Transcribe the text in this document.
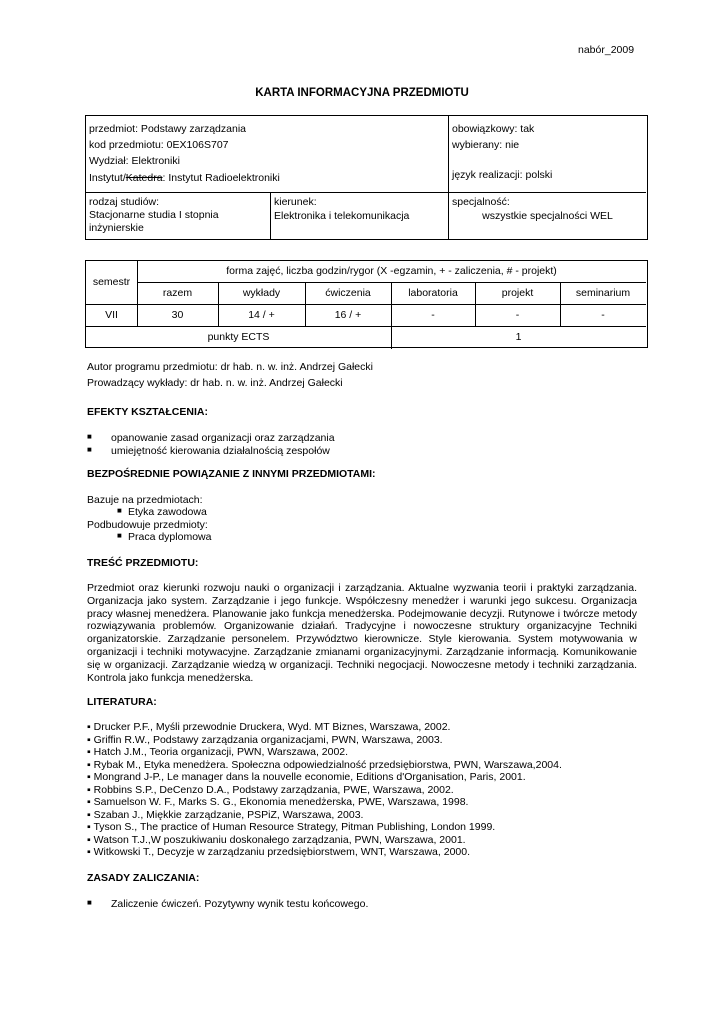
nabór_2009
KARTA INFORMACYJNA PRZEDMIOTU
przedmiot: Podstawy zarządzania
kod przedmiotu: 0EX106S707
Wydział: Elektroniki
Instytut/Katedra: Instytut Radioelektroniki
obowiązkowy: tak
wybierany: nie
język realizacji: polski
rodzaj studiów:
Stacjonarne studia I stopnia inżynierskie
kierunek:
Elektronika i telekomunikacja
specjalność:
wszystkie specjalności WEL
semestr
forma zajęć, liczba godzin/rygor (X -egzamin, + - zaliczenia, # - projekt)
razem	wykłady	ćwiczenia	laboratoria	projekt	seminarium
VII	30	14 / +	16 / +	-	-	-
punkty ECTS	1
Autor programu przedmiotu: dr hab. n. w. inż. Andrzej Gałecki
Prowadzący wykłady: dr hab. n. w. inż. Andrzej Gałecki
EFEKTY KSZTAŁCENIA:
■ opanowanie zasad organizacji oraz zarządzania
■ umiejętność kierowania działalnością zespołów
BEZPOŚREDNIE POWIĄZANIE Z INNYMI PRZEDMIOTAMI:
Bazuje na przedmiotach:
■ Etyka zawodowa
Podbudowuje przedmioty:
■ Praca dyplomowa
TREŚĆ PRZEDMIOTU:
Przedmiot oraz kierunki rozwoju nauki o organizacji i zarządzania. Aktualne wyzwania teorii i praktyki zarządzania. Organizacja jako system. Zarządzanie i jego funkcje. Współczesny menedżer i warunki jego sukcesu. Organizacja pracy własnej menedżera. Planowanie jako funkcja menedżerska. Podejmowanie decyzji. Rutynowe i twórcze metody rozwiązywania problemów. Organizowanie działań. Tradycyjne i nowoczesne struktury organizacyjne Techniki organizatorskie. Zarządzanie personelem. Przywództwo kierownicze. Style kierowania. System motywowania w organizacji i techniki motywacyjne. Zarządzanie zmianami organizacyjnymi. Zarządzanie informacją. Komunikowanie się w organizacji. Zarządzanie wiedzą w organizacji. Techniki negocjacji. Nowoczesne metody i techniki zarządzania. Kontrola jako funkcja menedżerska.
LITERATURA:
▪ Drucker P.F., Myśli przewodnie Druckera, Wyd. MT Biznes, Warszawa, 2002.
▪ Griffin R.W., Podstawy zarządzania organizacjami, PWN, Warszawa, 2003.
▪ Hatch J.M., Teoria organizacji, PWN, Warszawa, 2002.
▪ Rybak M., Etyka menedżera. Społeczna odpowiedzialność przedsiębiorstwa, PWN, Warszawa,2004.
▪ Mongrand J-P., Le manager dans la nouvelle economie, Editions d'Organisation, Paris, 2001.
▪ Robbins S.P., DeCenzo D.A., Podstawy zarządzania, PWE, Warszawa, 2002.
▪ Samuelson W. F., Marks S. G., Ekonomia menedżerska, PWE, Warszawa, 1998.
▪ Szaban J., Miękkie zarządzanie, PSPiZ, Warszawa, 2003.
▪ Tyson S., The practice of Human Resource Strategy, Pitman Publishing, London 1999.
▪ Watson T.J.,W poszukiwaniu doskonałego zarządzania, PWN, Warszawa, 2001.
▪ Witkowski T., Decyzje w zarządzaniu przedsiębiorstwem, WNT, Warszawa, 2000.
ZASADY ZALICZANIA:
■ Zaliczenie ćwiczeń. Pozytywny wynik testu końcowego.
